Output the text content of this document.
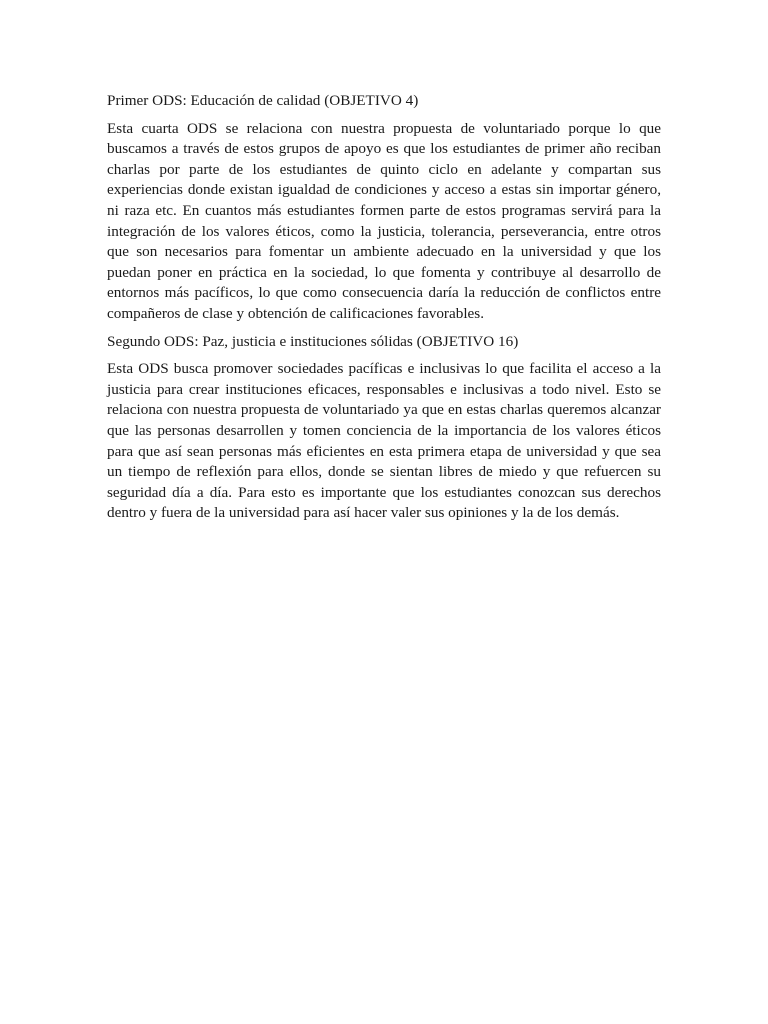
Primer ODS: Educación de calidad (OBJETIVO 4)

Esta cuarta ODS se relaciona con nuestra propuesta de voluntariado porque lo que buscamos a través de estos grupos de apoyo es que los estudiantes de primer año reciban charlas por parte de los estudiantes de quinto ciclo en adelante y compartan sus experiencias donde existan igualdad de condiciones y acceso a estas sin importar género, ni raza etc. En cuantos más estudiantes formen parte de estos programas servirá para la integración de los valores éticos, como la justicia, tolerancia, perseverancia, entre otros que son necesarios para fomentar un ambiente adecuado en la universidad y que los puedan poner en práctica en la sociedad, lo que fomenta y contribuye al desarrollo de entornos más pacíficos, lo que como consecuencia daría la reducción de conflictos entre compañeros de clase y obtención de calificaciones favorables.

Segundo ODS: Paz, justicia e instituciones sólidas (OBJETIVO 16)

Esta ODS busca promover sociedades pacíficas e inclusivas lo que facilita el acceso a la justicia para crear instituciones eficaces, responsables e inclusivas a todo nivel. Esto se relaciona con nuestra propuesta de voluntariado ya que en estas charlas queremos alcanzar que las personas desarrollen y tomen conciencia de la importancia de los valores éticos para que así sean personas más eficientes en esta primera etapa de universidad y que sea un tiempo de reflexión para ellos, donde se sientan libres de miedo y que refuercen su seguridad día a día. Para esto es importante que los estudiantes conozcan sus derechos dentro y fuera de la universidad para así hacer valer sus opiniones y la de los demás.
